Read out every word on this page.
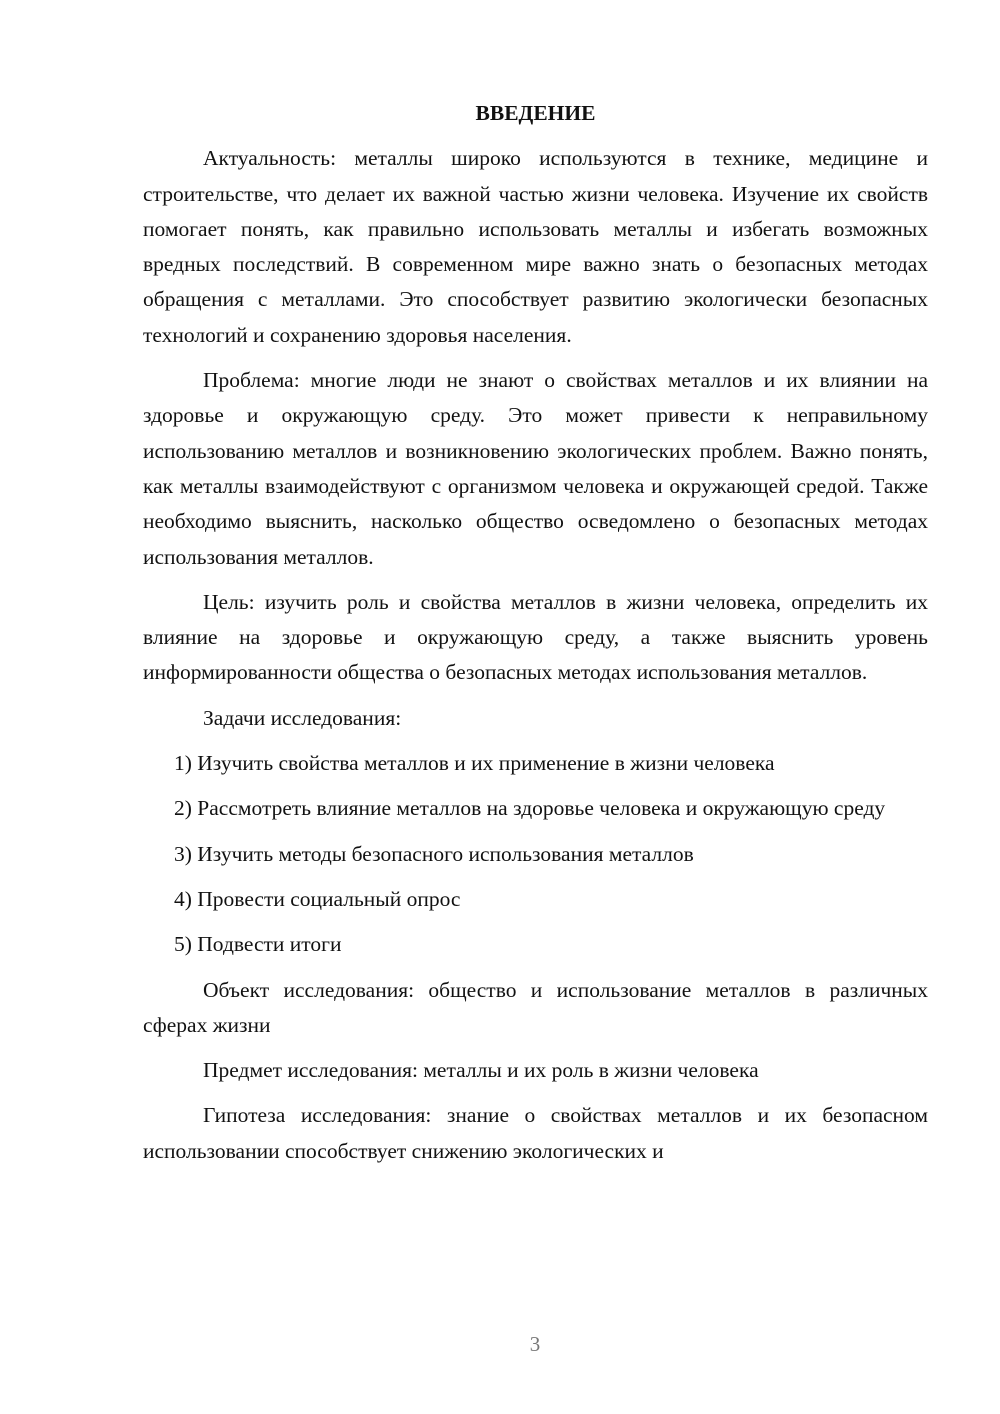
ВВЕДЕНИЕ

Актуальность: металлы широко используются в технике, медицине и строительстве, что делает их важной частью жизни человека. Изучение их свойств помогает понять, как правильно использовать металлы и избегать возможных вредных последствий. В современном мире важно знать о безопасных методах обращения с металлами. Это способствует развитию экологически безопасных технологий и сохранению здоровья населения.

Проблема: многие люди не знают о свойствах металлов и их влиянии на здоровье и окружающую среду. Это может привести к неправильному использованию металлов и возникновению экологических проблем. Важно понять, как металлы взаимодействуют с организмом человека и окружающей средой. Также необходимо выяснить, насколько общество осведомлено о безопасных методах использования металлов.

Цель: изучить роль и свойства металлов в жизни человека, определить их влияние на здоровье и окружающую среду, а также выяснить уровень информированности общества о безопасных методах использования металлов.

Задачи исследования:

1) Изучить свойства металлов и их применение в жизни человека

2) Рассмотреть влияние металлов на здоровье человека и окружающую среду

3) Изучить методы безопасного использования металлов

4) Провести социальный опрос

5) Подвести итоги

Объект исследования: общество и использование металлов в различных сферах жизни

Предмет исследования: металлы и их роль в жизни человека

Гипотеза исследования: знание о свойствах металлов и их безопасном использовании способствует снижению экологических и

3
